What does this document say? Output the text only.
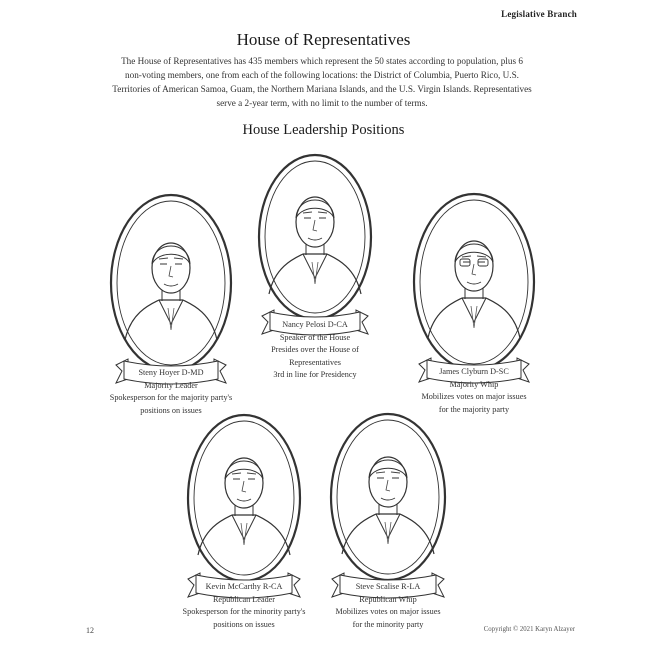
Legislative Branch
House of Representatives
The House of Representatives has 435 members which represent the 50 states according to population, plus 6 non-voting members, one from each of the following locations: the District of Columbia, Puerto Rico, U.S. Territories of American Samoa, Guam, the Northern Mariana Islands, and the U.S. Virgin Islands. Representatives serve a 2-year term, with no limit to the number of terms.
House Leadership Positions
Nancy Pelosi D-CA
Speaker of the House
Presides over the House of
Representatives
3rd in line for Presidency
Steny Hoyer D-MD
Majority Leader
Spokesperson for the majority party's
positions on issues
James Clyburn D-SC
Majority Whip
Mobilizes votes on major issues
for the majority party
Kevin McCarthy R-CA
Republican Leader
Spokesperson for the minority party's
positions on issues
Steve Scalise R-LA
Republican Whip
Mobilizes votes on major issues
for the minority party
12	Copyright © 2021 Karyn Alzayer
